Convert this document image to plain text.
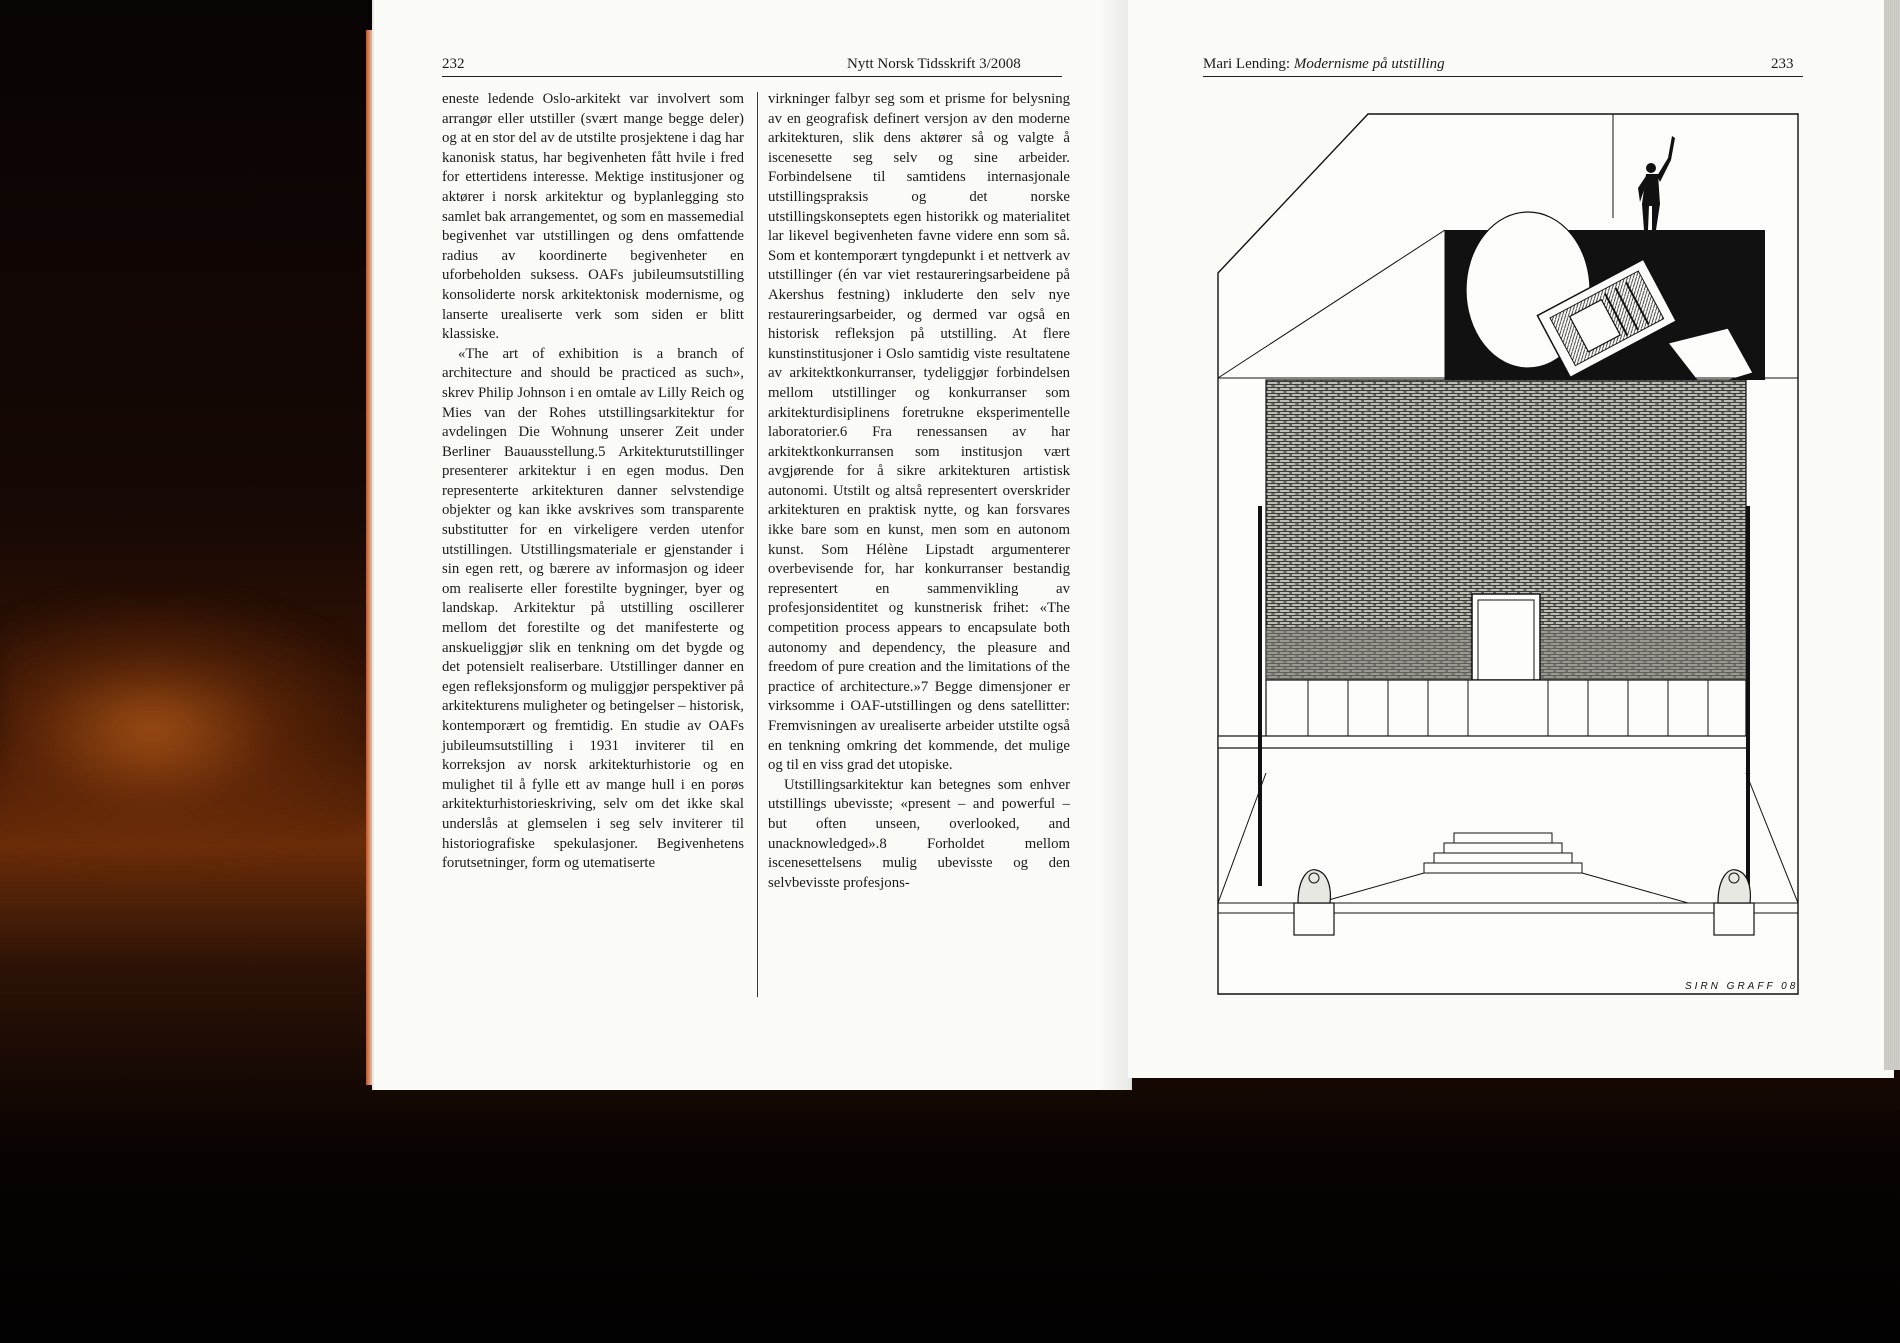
232	Nytt Norsk Tidsskrift 3/2008

eneste ledende Oslo-arkitekt var involvert som arrangør eller utstiller (svært mange begge deler) og at en stor del av de utstilte prosjektene i dag har kanonisk status, har begivenheten fått hvile i fred for ettertidens interesse. Mektige institusjoner og aktører i norsk arkitektur og byplanlegging sto samlet bak arrangementet, og som en massemedial begivenhet var utstillingen og dens omfattende radius av koordinerte begivenheter en uforbeholden suksess. OAFs jubileumsutstilling konsoliderte norsk arkitektonisk modernisme, og lanserte urealiserte verk som siden er blitt klassiske.

«The art of exhibition is a branch of architecture and should be practiced as such», skrev Philip Johnson i en omtale av Lilly Reich og Mies van der Rohes utstillingsarkitektur for avdelingen Die Wohnung unserer Zeit under Berliner Bauausstellung.5 Arkitekturutstillinger presenterer arkitektur i en egen modus. Den representerte arkitekturen danner selvstendige objekter og kan ikke avskrives som transparente substitutter for en virkeligere verden utenfor utstillingen. Utstillingsmateriale er gjenstander i sin egen rett, og bærere av informasjon og ideer om realiserte eller forestilte bygninger, byer og landskap. Arkitektur på utstilling oscillerer mellom det forestilte og det manifesterte og anskueliggjør slik en tenkning om det bygde og det potensielt realiserbare. Utstillinger danner en egen refleksjonsform og muliggjør perspektiver på arkitekturens muligheter og betingelser – historisk, kontemporært og fremtidig. En studie av OAFs jubileumsutstilling i 1931 inviterer til en korreksjon av norsk arkitekturhistorie og en mulighet til å fylle ett av mange hull i en porøs arkitekturhistorieskriving, selv om det ikke skal underslås at glemselen i seg selv inviterer til historiografiske spekulasjoner. Begivenhetens forutsetninger, form og utematiserte

virkninger falbyr seg som et prisme for belysning av en geografisk definert versjon av den moderne arkitekturen, slik dens aktører så og valgte å iscenesette seg selv og sine arbeider. Forbindelsene til samtidens internasjonale utstillingspraksis og det norske utstillingskonseptets egen historikk og materialitet lar likevel begivenheten favne videre enn som så. Som et kontemporært tyngdepunkt i et nettverk av utstillinger (én var viet restaureringsarbeidene på Akershus festning) inkluderte den selv nye restaureringsarbeider, og dermed var også en historisk refleksjon på utstilling. At flere kunstinstitusjoner i Oslo samtidig viste resultatene av arkitektkonkurranser, tydeliggjør forbindelsen mellom utstillinger og konkurranser som arkitekturdisiplinens foretrukne eksperimentelle laboratorier.6 Fra renessansen av har arkitektkonkurransen som institusjon vært avgjørende for å sikre arkitekturen artistisk autonomi. Utstilt og altså representert overskrider arkitekturen en praktisk nytte, og kan forsvares ikke bare som en kunst, men som en autonom kunst. Som Hélène Lipstadt argumenterer overbevisende for, har konkurranser bestandig representert en sammenvikling av profesjonsidentitet og kunstnerisk frihet: «The competition process appears to encapsulate both autonomy and dependency, the pleasure and freedom of pure creation and the limitations of the practice of architecture.»7 Begge dimensjoner er virksomme i OAF-utstillingen og dens satellitter: Fremvisningen av urealiserte arbeider utstilte også en tenkning omkring det kommende, det mulige og til en viss grad det utopiske.

Utstillingsarkitektur kan betegnes som enhver utstillings ubevisste; «present – and powerful – but often unseen, overlooked, and unacknowledged».8 Forholdet mellom iscenesettelsens mulig ubevisste og den selvbevisste profesjons-

Mari Lending: Modernisme på utstilling	233
SIRN GRAFF 08
